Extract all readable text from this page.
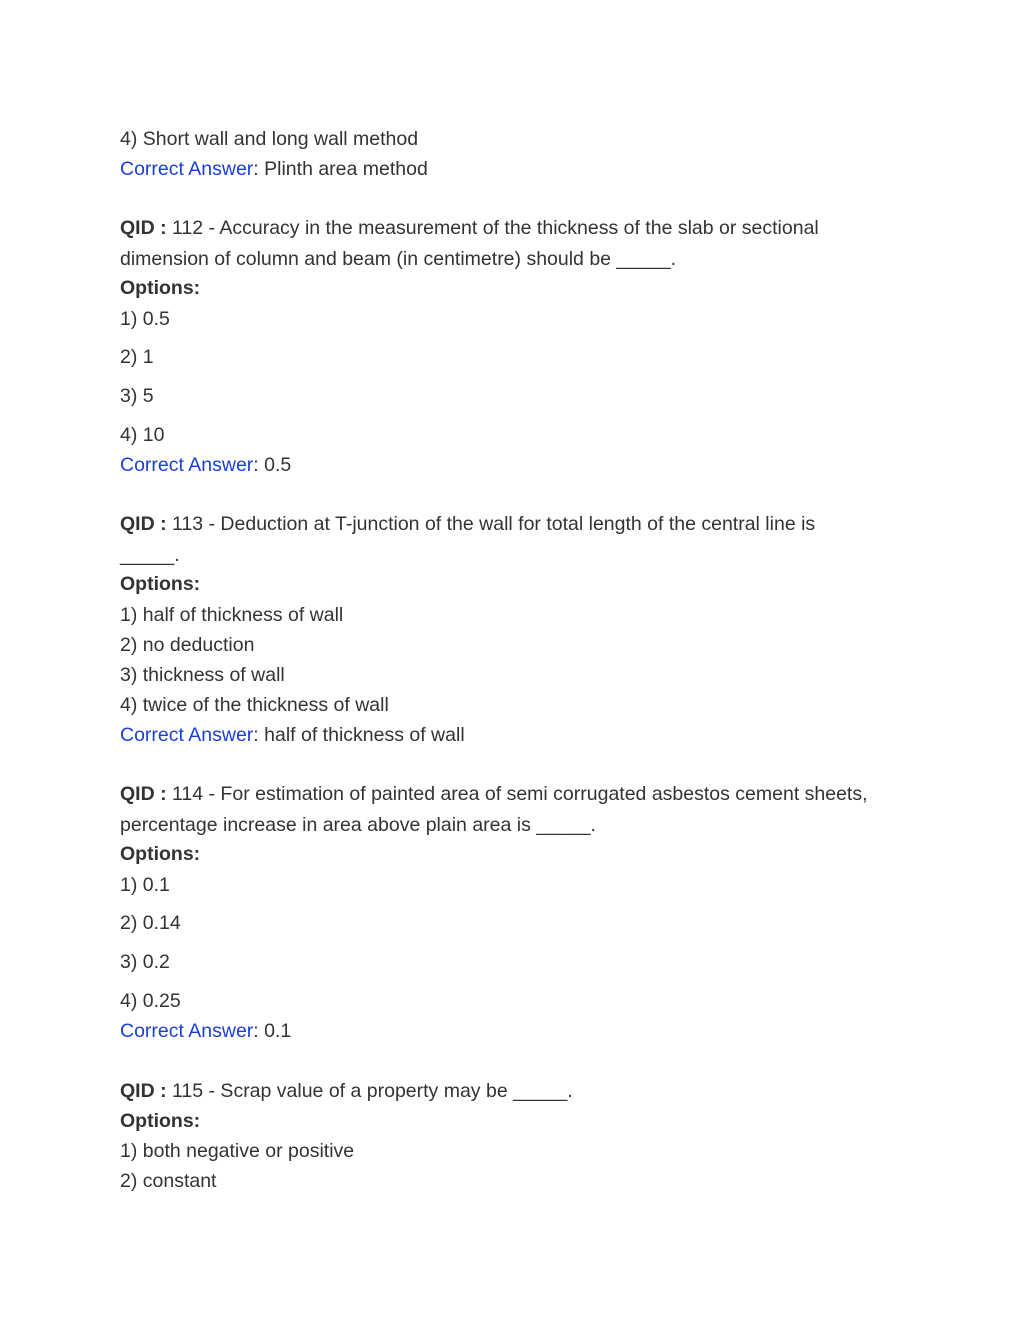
4) Short wall and long wall method
Correct Answer: Plinth area method
QID : 112 - Accuracy in the measurement of the thickness of the slab or sectional
dimension of column and beam (in centimetre) should be _____.
Options:
1) 0.5
2) 1
3) 5
4) 10
Correct Answer: 0.5
QID : 113 - Deduction at T-junction of the wall for total length of the central line is
_____.
Options:
1) half of thickness of wall
2) no deduction
3) thickness of wall
4) twice of the thickness of wall
Correct Answer: half of thickness of wall
QID : 114 - For estimation of painted area of semi corrugated asbestos cement sheets,
percentage increase in area above plain area is _____.
Options:
1) 0.1
2) 0.14
3) 0.2
4) 0.25
Correct Answer: 0.1
QID : 115 - Scrap value of a property may be _____.
Options:
1) both negative or positive
2) constant
